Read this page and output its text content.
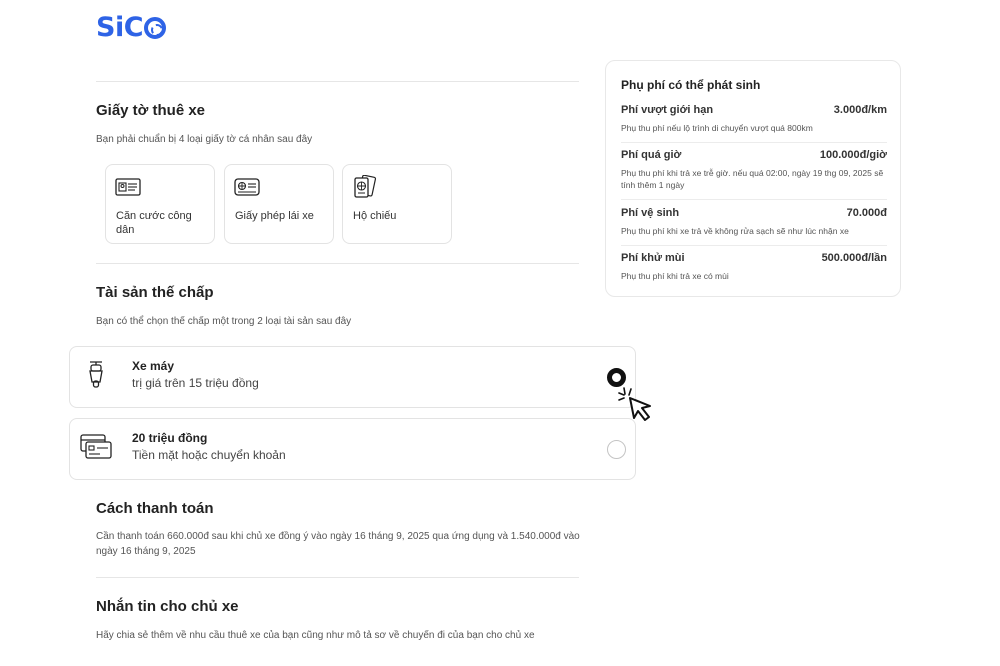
Si C
Giấy tờ thuê xe
Bạn phải chuẩn bị 4 loại giấy tờ cá nhân sau đây
Căn cước công dân
Giấy phép lái xe	Hộ chiếu
Tài sản thế chấp
Bạn có thể chọn thế chấp một trong 2 loại tài sản sau đây
Xe máy
trị giá trên 15 triệu đồng
20 triệu đồng
Tiền mặt hoặc chuyển khoản
Cách thanh toán
Cần thanh toán 660.000đ sau khi chủ xe đồng ý vào ngày 16 tháng 9, 2025 qua ứng dụng và 1.540.000đ vào ngày 16 tháng 9, 2025
Nhắn tin cho chủ xe
Hãy chia sẻ thêm về nhu cầu thuê xe của bạn cũng như mô tả sơ về chuyến đi của bạn cho chủ xe
Phụ phí có thể phát sinh
Phí vượt giới hạn	3.000đ/km
Phụ thu phí nếu lộ trình di chuyển vượt quá 800km
Phí quá giờ	100.000đ/giờ
Phụ thu phí khi trả xe trễ giờ. nếu quá 02:00, ngày 19 thg 09, 2025 sẽ tính thêm 1 ngày
Phí vệ sinh	70.000đ
Phụ thu phí khi xe trả về không rửa sạch sẽ như lúc nhận xe
Phí khử mùi	500.000đ/lần
Phụ thu phí khi trả xe có mùi
